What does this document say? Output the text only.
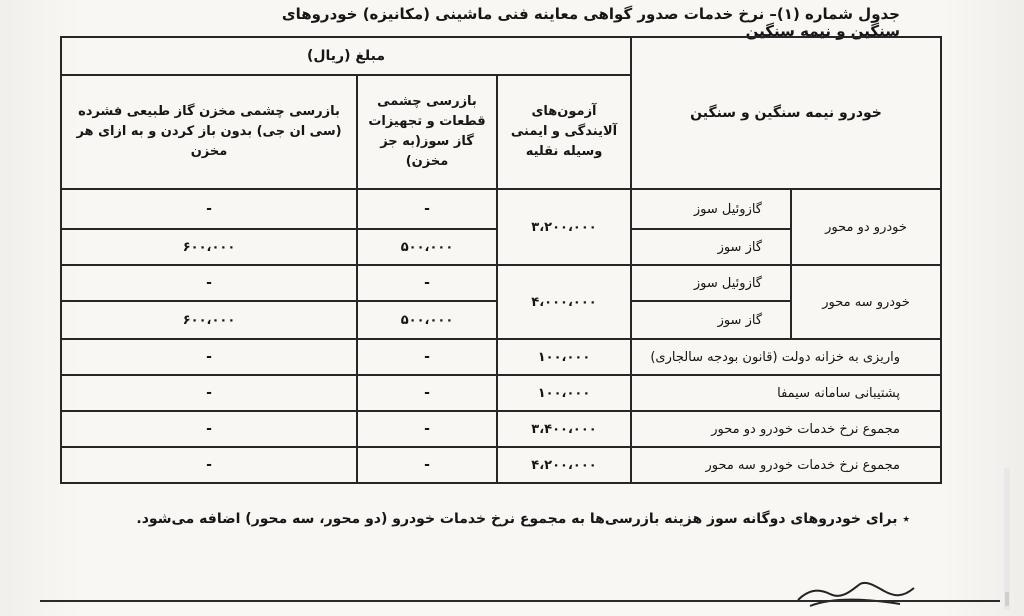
جدول شماره (۱)– نرخ خدمات صدور گواهی معاینه فنی ماشینی (مکانیزه) خودروهای سنگین و نیمه سنگین
خودرو نیمه سنگین و سنگین		مبلغ (ریال)		
		آزمون‌های آلایندگی و ایمنی وسیله نقلیه	بازرسی چشمی قطعات و تجهیزات گاز سوز(به جز مخزن)	بازرسی چشمی مخزن گاز طبیعی فشرده (سی ان جی) بدون باز کردن و به ازای هر مخزن
خودرو دو محور	گازوئیل سوز	۳،۲۰۰،۰۰۰	-	-
	گاز سوز		۵۰۰،۰۰۰	۶۰۰،۰۰۰
خودرو سه محور	گازوئیل سوز	۴،۰۰۰،۰۰۰	-	-
	گاز سوز		۵۰۰،۰۰۰	۶۰۰،۰۰۰
واریزی به خزانه دولت (قانون بودجه سالجاری)		۱۰۰،۰۰۰	-	-
پشتیبانی سامانه سیمفا		۱۰۰،۰۰۰	-	-
مجموع نرخ خدمات خودرو دو محور		۳،۴۰۰،۰۰۰	-	-
مجموع نرخ خدمات خودرو سه محور		۴،۲۰۰،۰۰۰	-	-
٭ برای خودروهای دوگانه سوز هزینه بازرسی‌ها به مجموع نرخ خدمات خودرو (دو محور، سه محور) اضافه می‌شود.
